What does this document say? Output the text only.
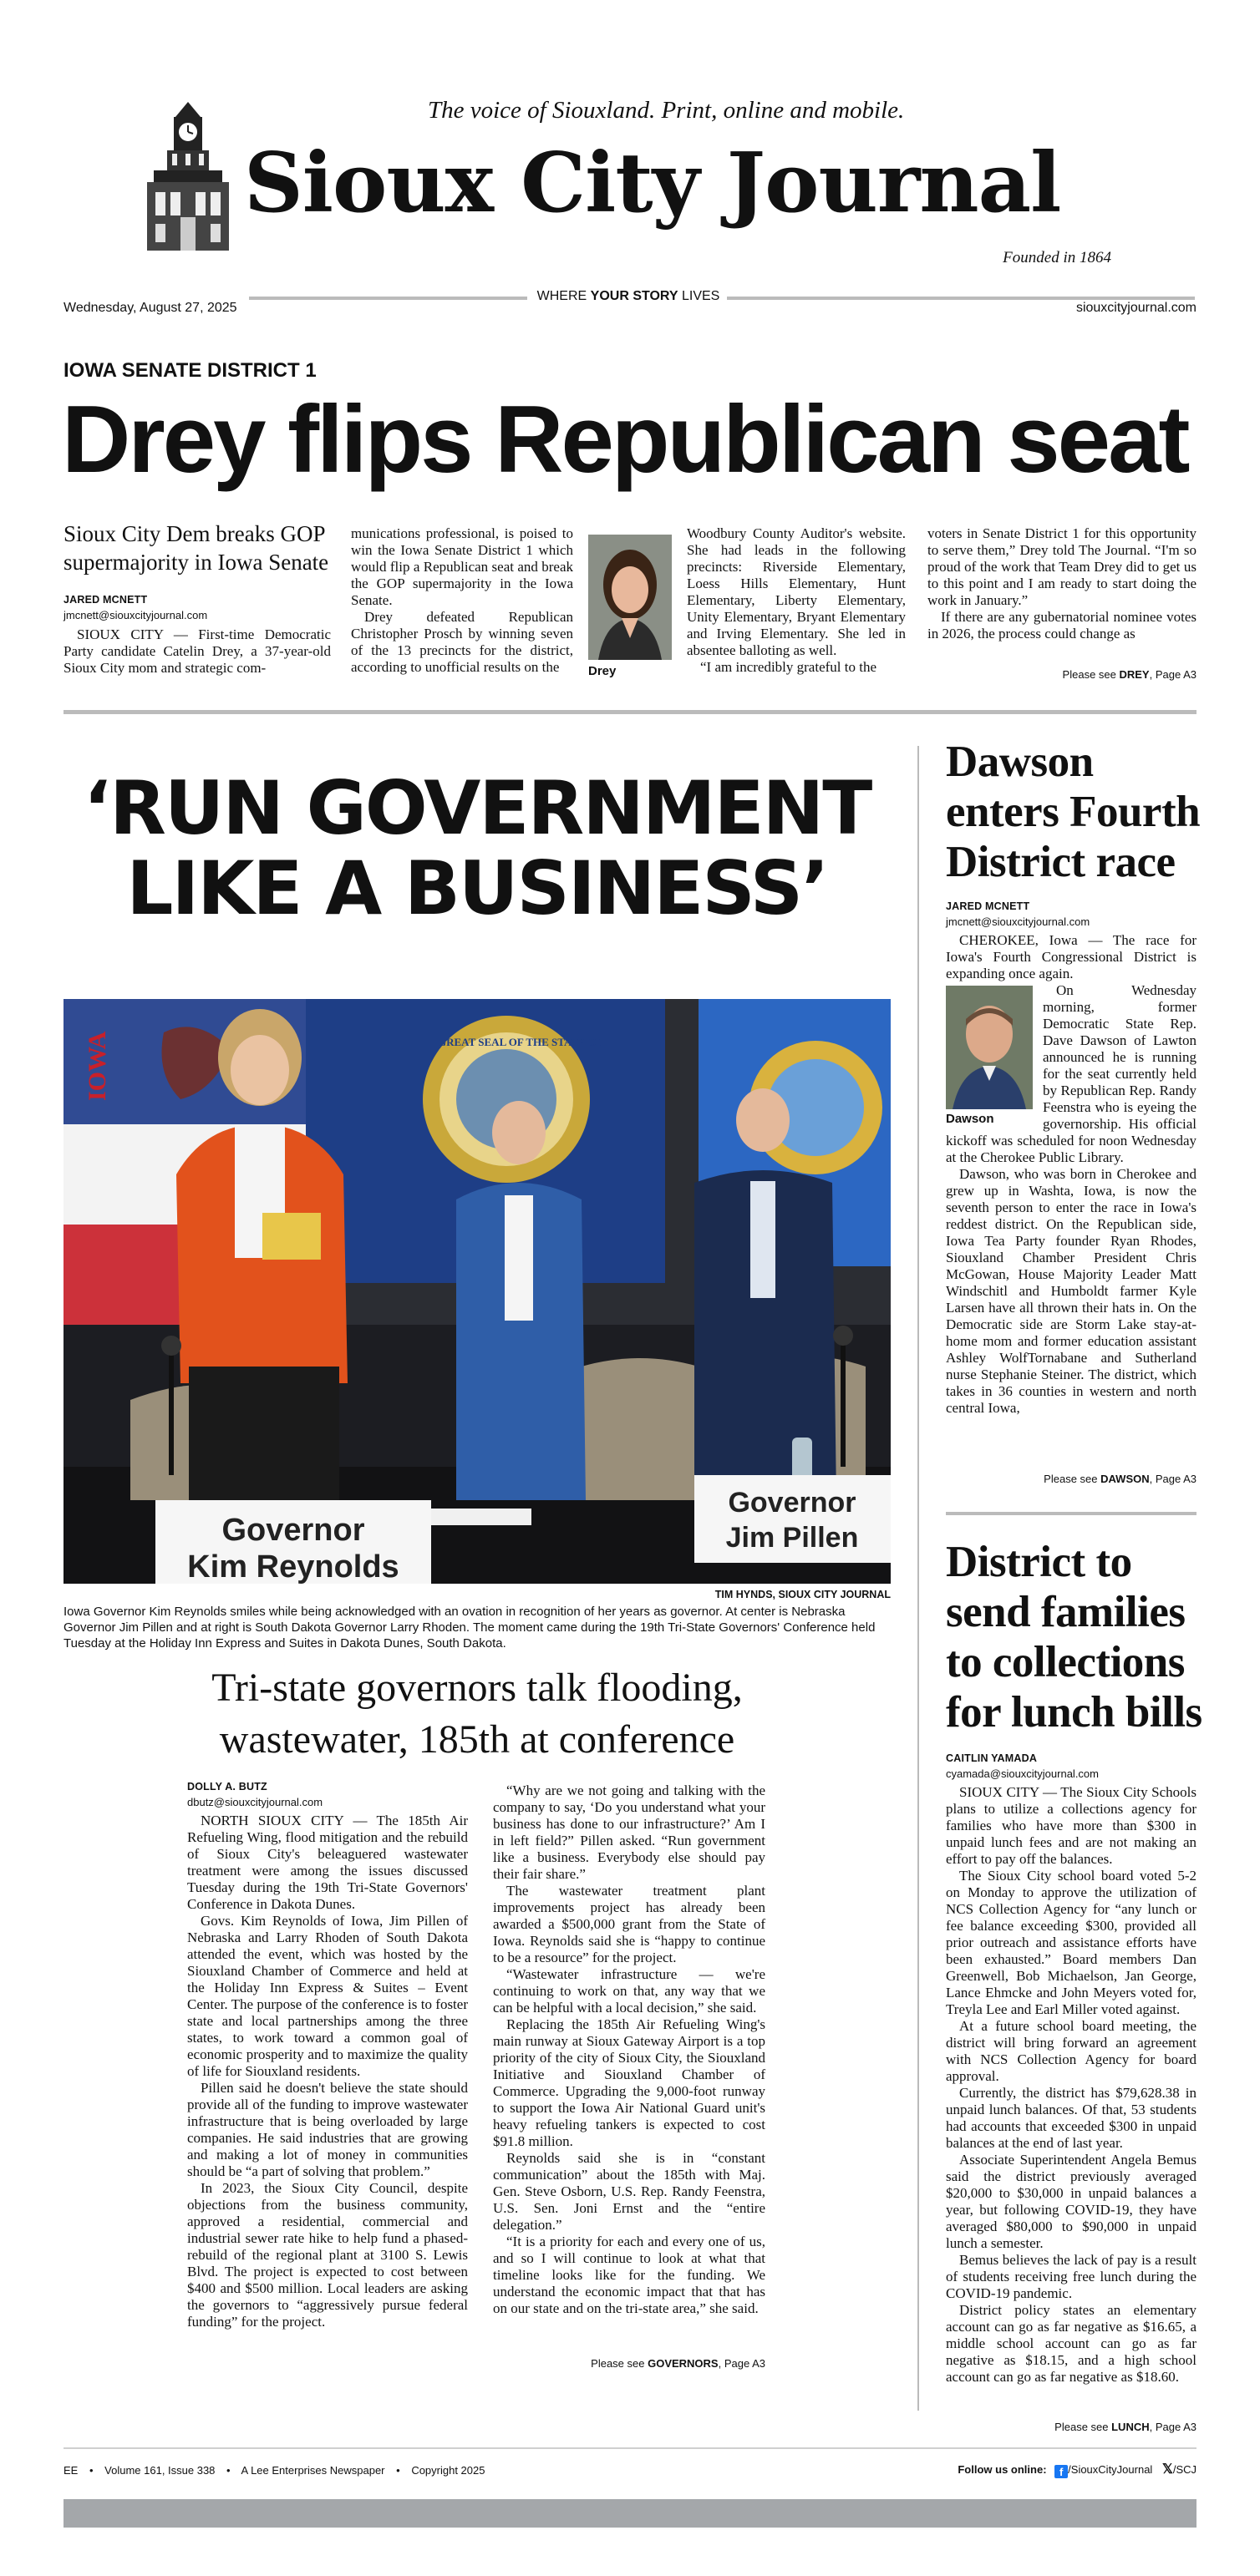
The voice of Siouxland. Print, online and mobile.
Sioux City Journal
Founded in 1864
Wednesday, August 27, 2025
WHERE YOUR STORY LIVES
siouxcityjournal.com
IOWA SENATE DISTRICT 1
Drey flips Republican seat
Sioux City Dem breaks GOP supermajority in Iowa Senate
JARED MCNETT
jmcnett@siouxcityjournal.com

SIOUX CITY — First-time Democratic Party candidate Catelin Drey, a 37-year-old Sioux City mom and strategic com-

munications professional, is poised to win the Iowa Senate District 1 which would flip a Republican seat and break the GOP supermajority in the Iowa Senate.

Drey defeated Republican Christopher Prosch by winning seven of the 13 precincts for the district, according to unofficial results on the	Drey

Woodbury County Auditor's website. She had leads in the following precincts: Riverside Elementary, Loess Hills Elementary, Hunt Elementary, Liberty Elementary, Unity Elementary, Bryant Elementary and Irving Elementary. She led in absentee balloting as well.

“I am incredibly grateful to the

voters in Senate District 1 for this opportunity to serve them,” Drey told The Journal. “I'm so proud of the work that Team Drey did to get us to this point and I am ready to start doing the work in January.”

If there are any gubernatorial nominee votes in 2026, the process could change as

Please see DREY, Page A3
‘RUN GOVERNMENT
LIKE A BUSINESS’
IOWA	GREAT SEAL OF THE STATE OF
Governor
Kim Reynolds
Governor
Jim Pillen
TIM HYNDS, SIOUX CITY JOURNAL
Iowa Governor Kim Reynolds smiles while being acknowledged with an ovation in recognition of her years as governor. At center is Nebraska Governor Jim Pillen and at right is South Dakota Governor Larry Rhoden. The moment came during the 19th Tri-State Governors' Conference held Tuesday at the Holiday Inn Express and Suites in Dakota Dunes, South Dakota.
Tri-state governors talk flooding,
wastewater, 185th at conference
DOLLY A. BUTZ
dbutz@siouxcityjournal.com

NORTH SIOUX CITY — The 185th Air Refueling Wing, flood mitigation and the rebuild of Sioux City's beleaguered wastewater treatment were among the issues discussed Tuesday during the 19th Tri-State Governors' Conference in Dakota Dunes.

Govs. Kim Reynolds of Iowa, Jim Pillen of Nebraska and Larry Rhoden of South Dakota attended the event, which was hosted by the Siouxland Chamber of Commerce and held at the Holiday Inn Express & Suites – Event Center. The purpose of the conference is to foster state and local partnerships among the three states, to work toward a common goal of economic prosperity and to maximize the quality of life for Siouxland residents.

Pillen said he doesn't believe the state should provide all of the funding to improve wastewater infrastructure that is being overloaded by large companies. He said industries that are growing and making a lot of money in communities should be “a part of solving that problem.”

In 2023, the Sioux City Council, despite objections from the business community, approved a residential, commercial and industrial sewer rate hike to help fund a phased-rebuild of the regional plant at 3100 S. Lewis Blvd. The project is expected to cost between $400 and $500 million. Local leaders are asking the governors to “aggressively pursue federal funding” for the project.

“Why are we not going and talking with the company to say, ‘Do you understand what your business has done to our infrastructure?’ Am I in left field?” Pillen asked. “Run government like a business. Everybody else should pay their fair share.”

The wastewater treatment plant improvements project has already been awarded a $500,000 grant from the State of Iowa. Reynolds said she is “happy to continue to be a resource” for the project.

“Wastewater infrastructure — we're continuing to work on that, any way that we can be helpful with a local decision,” she said.

Replacing the 185th Air Refueling Wing's main runway at Sioux Gateway Airport is a top priority of the city of Sioux City, the Siouxland Initiative and Siouxland Chamber of Commerce. Upgrading the 9,000-foot runway to support the Iowa Air National Guard unit's heavy refueling tankers is expected to cost $91.8 million.

Reynolds said she is in “constant communication” about the 185th with Maj. Gen. Steve Osborn, U.S. Rep. Randy Feenstra, U.S. Sen. Joni Ernst and the “entire delegation.”

“It is a priority for each and every one of us, and so I will continue to look at what that timeline looks like for the funding. We understand the economic impact that that has on our state and on the tri-state area,” she said.

Please see GOVERNORS, Page A3
Dawson enters Fourth District race
JARED MCNETT
jmcnett@siouxcityjournal.com

CHEROKEE, Iowa — The race for Iowa's Fourth Congressional District is expanding once again.

Dawson

On Wednesday morning, former Democratic State Rep. Dave Dawson of Lawton announced he is running for the seat currently held by Republican Rep. Randy Feenstra who is eyeing the governorship. His official kickoff was scheduled for noon Wednesday at the Cherokee Public Library.

Dawson, who was born in Cherokee and grew up in Washta, Iowa, is now the seventh person to enter the race in Iowa's reddest district. On the Republican side, Iowa Tea Party founder Ryan Rhodes, Siouxland Chamber President Chris McGowan, House Majority Leader Matt Windschitl and Humboldt farmer Kyle Larsen have all thrown their hats in. On the Democratic side are Storm Lake stay-at-home mom and former education assistant Ashley WolfTornabane and Sutherland nurse Stephanie Steiner. The district, which takes in 36 counties in western and north central Iowa,

Please see DAWSON, Page A3
District to send families to collections for lunch bills
CAITLIN YAMADA
cyamada@siouxcityjournal.com

SIOUX CITY — The Sioux City Schools plans to utilize a collections agency for families who have more than $300 in unpaid lunch fees and are not making an effort to pay off the balances.

The Sioux City school board voted 5-2 on Monday to approve the utilization of NCS Collection Agency for “any lunch or fee balance exceeding $300, provided all prior outreach and assistance efforts have been exhausted.” Board members Dan Greenwell, Bob Michaelson, Jan George, Lance Ehmcke and John Meyers voted for, Treyla Lee and Earl Miller voted against.

At a future school board meeting, the district will bring forward an agreement with NCS Collection Agency for board approval.

Currently, the district has $79,628.38 in unpaid lunch balances. Of that, 53 students had accounts that exceeded $300 in unpaid balances at the end of last year.

Associate Superintendent Angela Bemus said the district previously averaged $20,000 to $30,000 in unpaid balances a year, but following COVID-19, they have averaged $80,000 to $90,000 in unpaid lunch a semester.

Bemus believes the lack of pay is a result of students receiving free lunch during the COVID-19 pandemic.

District policy states an elementary account can go as far negative as $16.65, a middle school account can go as far negative as $18.15, and a high school account can go as far negative as $18.60.

Please see LUNCH, Page A3
EE • Volume 161, Issue 338 • A Lee Enterprises Newspaper • Copyright 2025	Follow us online: f /SiouxCityJournal 𝕏/SCJ
